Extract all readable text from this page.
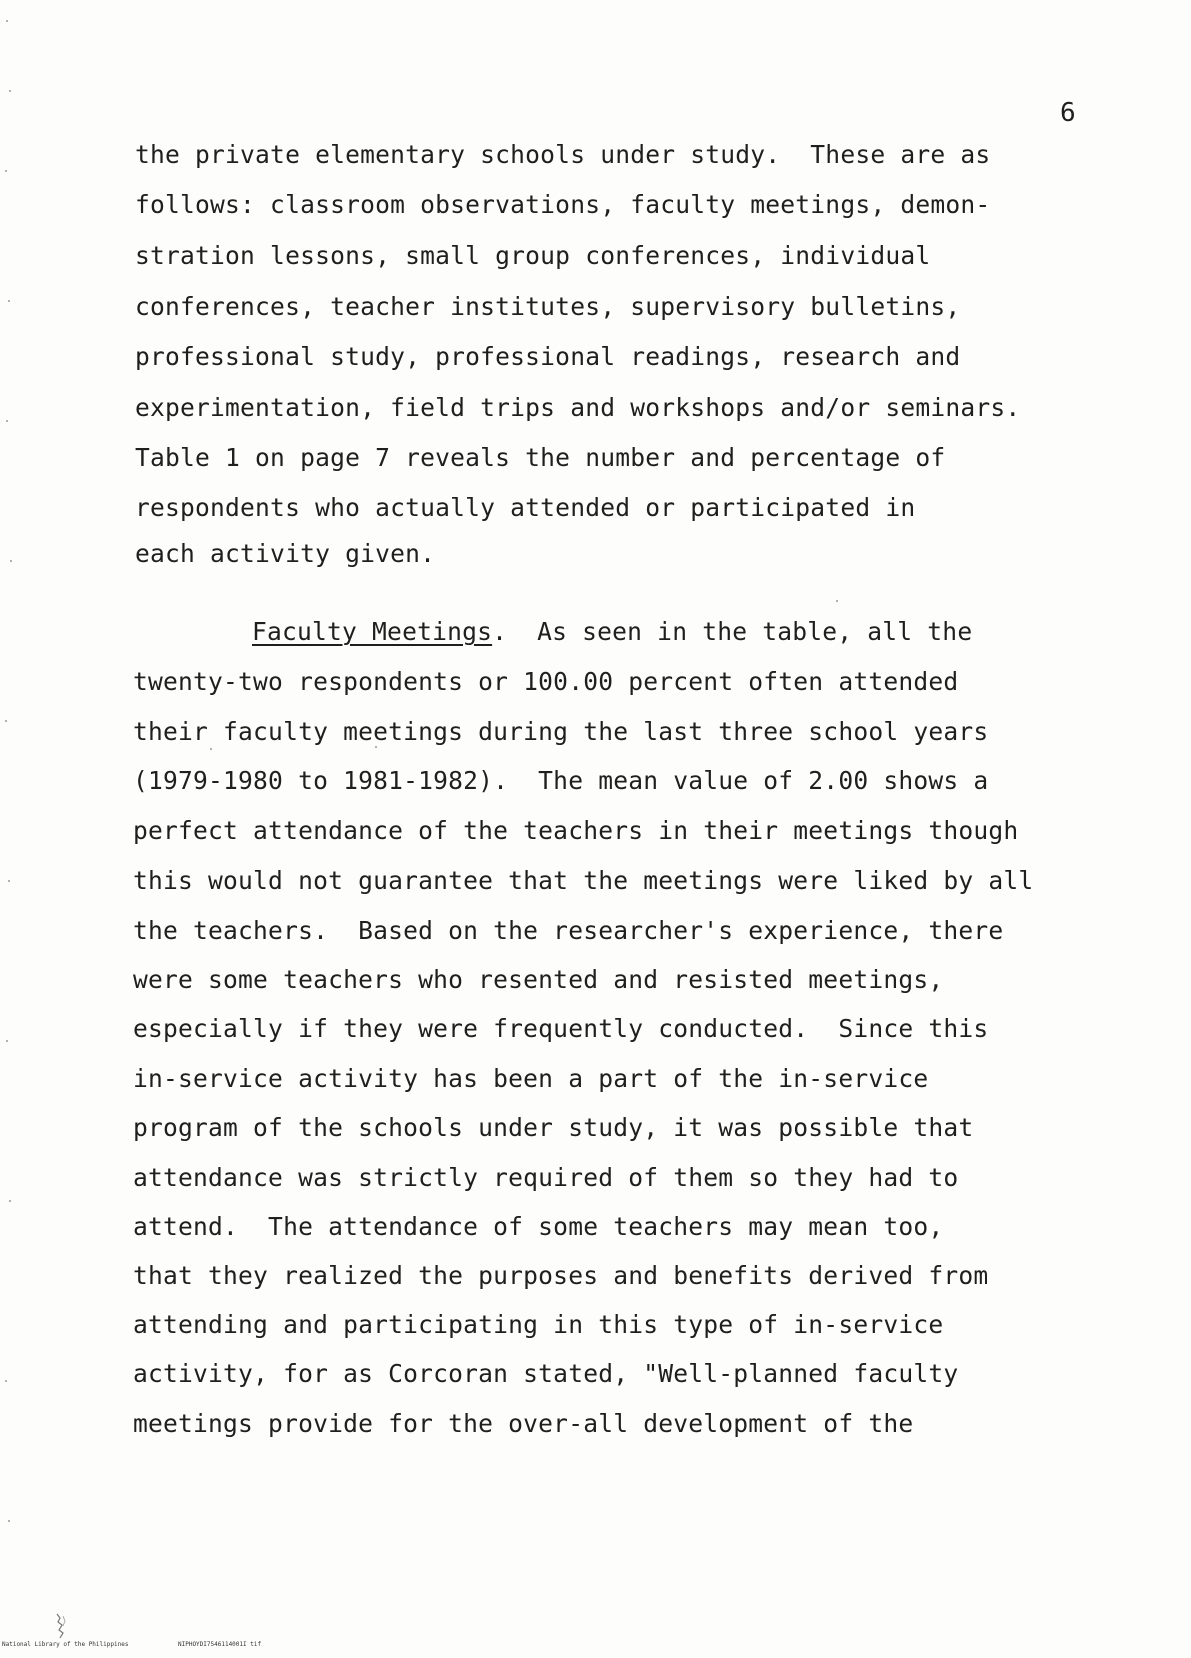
6
the private elementary schools under study.  These are as
follows: classroom observations, faculty meetings, demon-
stration lessons, small group conferences, individual
conferences, teacher institutes, supervisory bulletins,
professional study, professional readings, research and
experimentation, field trips and workshops and/or seminars.
Table 1 on page 7 reveals the number and percentage of
respondents who actually attended or participated in
each activity given.
Faculty Meetings.  As seen in the table, all the
twenty-two respondents or 100.00 percent often attended
their faculty meetings during the last three school years
(1979-1980 to 1981-1982).  The mean value of 2.00 shows a
perfect attendance of the teachers in their meetings though
this would not guarantee that the meetings were liked by all
the teachers.  Based on the researcher's experience, there
were some teachers who resented and resisted meetings,
especially if they were frequently conducted.  Since this
in-service activity has been a part of the in-service
program of the schools under study, it was possible that
attendance was strictly required of them so they had to
attend.  The attendance of some teachers may mean too,
that they realized the purposes and benefits derived from
attending and participating in this type of in-service
activity, for as Corcoran stated, "Well-planned faculty
meetings provide for the over-all development of the
National Library of the Philippines	NIPHOYDI7546114001I tif
